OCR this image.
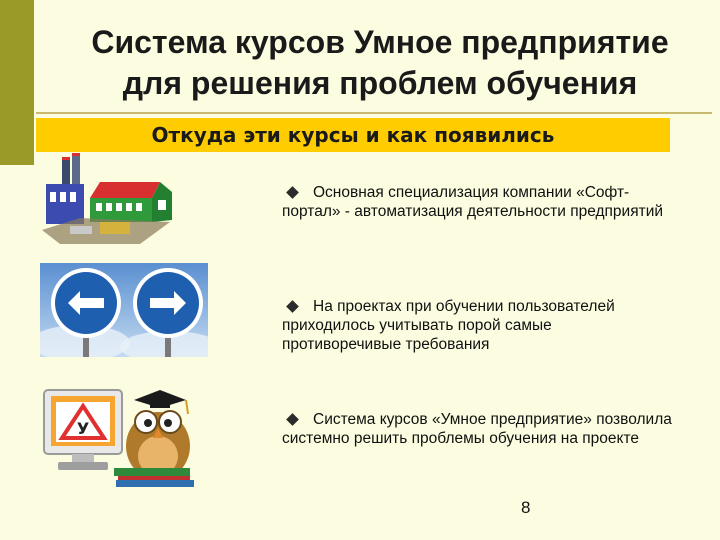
Система курсов Умное предприятие
для решения проблем обучения
Откуда эти курсы и как появились
У
Основная специализация компании «Софт-портал» - автоматизация деятельности предприятий
На проектах при обучении пользователей приходилось учитывать порой самые противоречивые требования
Система курсов «Умное предприятие» позволила системно решить проблемы обучения на проекте
8
